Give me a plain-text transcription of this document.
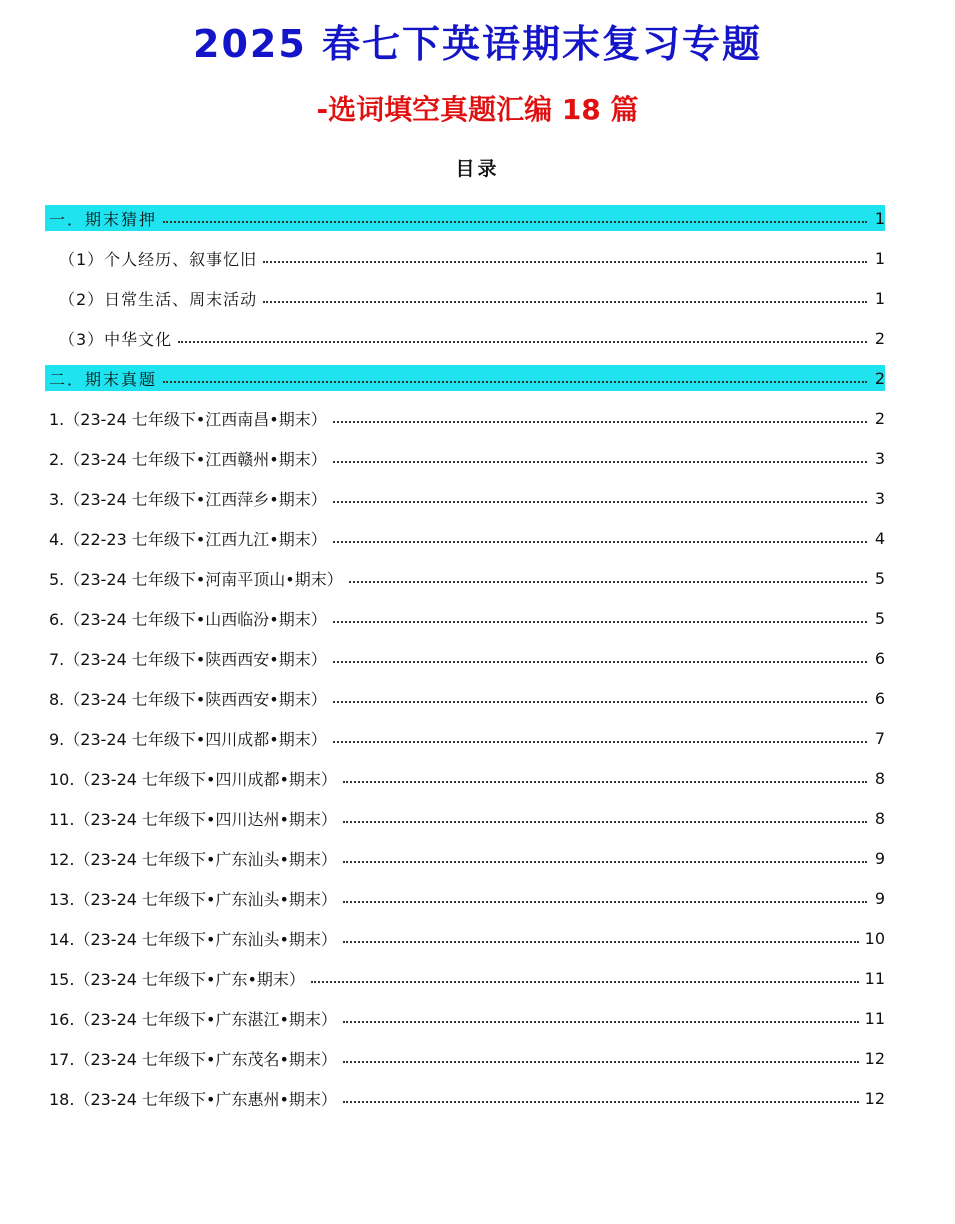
2025 春七下英语期末复习专题
-选词填空真题汇编 18 篇
目录
一．期末猜押	1
（1）个人经历、叙事忆旧	1
（2）日常生活、周末活动	1
（3）中华文化	2
二．期末真题	2
1.（23-24 七年级下•江西南昌•期末）	2
2.（23-24 七年级下•江西赣州•期末）	3
3.（23-24 七年级下•江西萍乡•期末）	3
4.（22-23 七年级下•江西九江•期末）	4
5.（23-24 七年级下•河南平顶山•期末）	5
6.（23-24 七年级下•山西临汾•期末）	5
7.（23-24 七年级下•陕西西安•期末）	6
8.（23-24 七年级下•陕西西安•期末）	6
9.（23-24 七年级下•四川成都•期末）	7
10.（23-24 七年级下•四川成都•期末）	8
11.（23-24 七年级下•四川达州•期末）	8
12.（23-24 七年级下•广东汕头•期末）	9
13.（23-24 七年级下•广东汕头•期末）	9
14.（23-24 七年级下•广东汕头•期末）	10
15.（23-24 七年级下•广东•期末）	11
16.（23-24 七年级下•广东湛江•期末）	11
17.（23-24 七年级下•广东茂名•期末）	12
18.（23-24 七年级下•广东惠州•期末）	12
